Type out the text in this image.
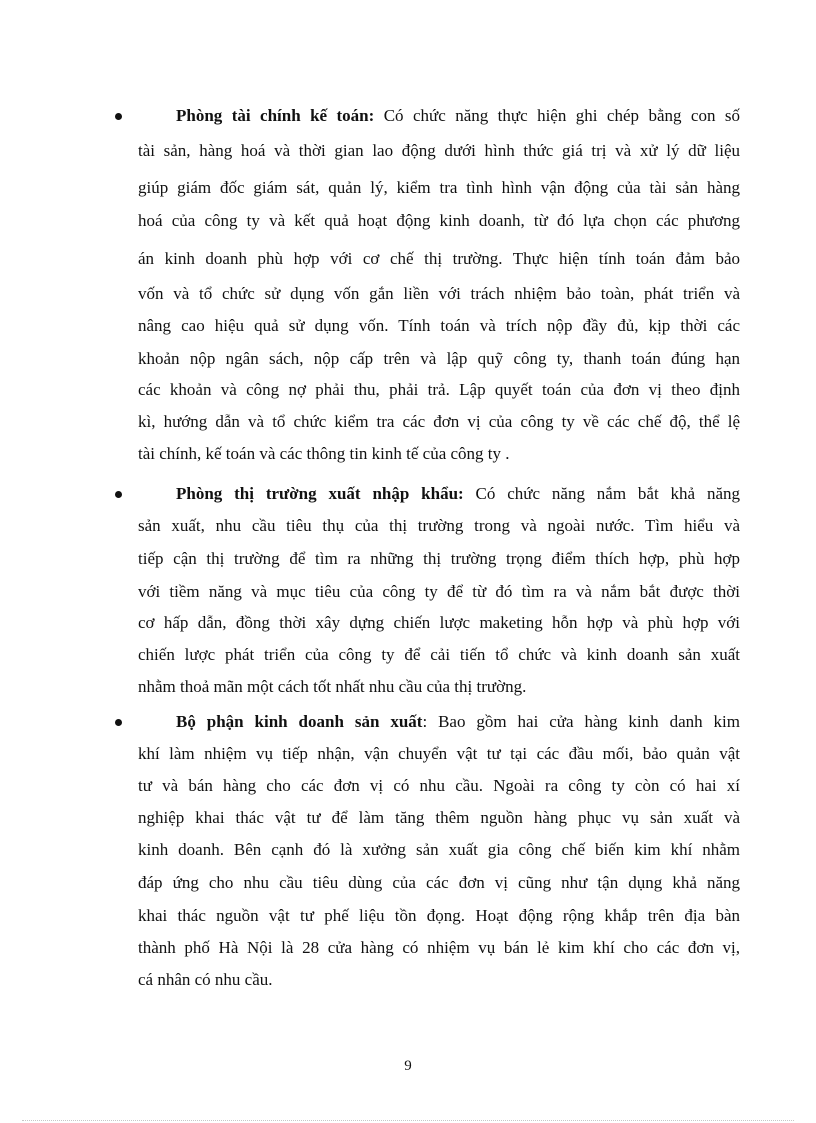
Phòng tài chính kế toán: Có chức năng thực hiện ghi chép bằng con số
tài sản, hàng hoá và thời gian lao động dưới hình thức giá trị và xử lý dữ liệu
giúp giám đốc giám sát, quản lý, kiểm tra tình hình vận động của tài sản hàng
hoá của công ty và kết quả hoạt động kinh doanh, từ đó lựa chọn các phương
án kinh doanh phù hợp với cơ chế thị trường. Thực hiện tính toán đảm bảo
vốn và tổ chức sử dụng vốn gắn liền với trách nhiệm bảo toàn, phát triển và
nâng cao hiệu quả sử dụng vốn. Tính toán và trích nộp đầy đủ, kịp thời các
khoản nộp ngân sách, nộp cấp trên và lập quỹ công ty, thanh toán đúng hạn
các khoản và công nợ phải thu, phải trả. Lập quyết toán của đơn vị theo định
kì, hướng dẫn và tổ chức kiểm tra các đơn vị của công ty về các chế độ, thể lệ
tài chính, kế toán và các thông tin kinh tế của công ty .
Phòng thị trường xuất nhập khẩu: Có chức năng nắm bắt khả năng
sản xuất, nhu cầu tiêu thụ của thị trường trong và ngoài nước. Tìm hiểu và
tiếp cận thị trường để tìm ra những thị trường trọng điểm thích hợp, phù hợp
với tiềm năng và mục tiêu của công ty để từ đó tìm ra và nắm bắt được thời
cơ hấp dẫn, đồng thời xây dựng chiến lược maketing hỗn hợp và phù hợp với
chiến lược phát triển của công ty để cải tiến tổ chức và kinh doanh sản xuất
nhằm thoả mãn một cách tốt nhất nhu cầu của thị trường.
Bộ phận kinh doanh sản xuất: Bao gồm hai cửa hàng kinh danh kim
khí làm nhiệm vụ tiếp nhận, vận chuyển vật tư tại các đầu mối, bảo quản vật
tư và bán hàng cho các đơn vị có nhu cầu. Ngoài ra công ty còn có hai xí
nghiệp khai thác vật tư để làm tăng thêm nguồn hàng phục vụ sản xuất và
kinh doanh. Bên cạnh đó là xưởng sản xuất gia công chế biến kim khí nhằm
đáp ứng cho nhu cầu tiêu dùng của các đơn vị cũng như tận dụng khả năng
khai thác nguồn vật tư phế liệu tồn đọng. Hoạt động rộng khắp trên địa bàn
thành phố Hà Nội là 28 cửa hàng có nhiệm vụ bán lẻ kim khí cho các đơn vị,
cá nhân có nhu cầu.
9
